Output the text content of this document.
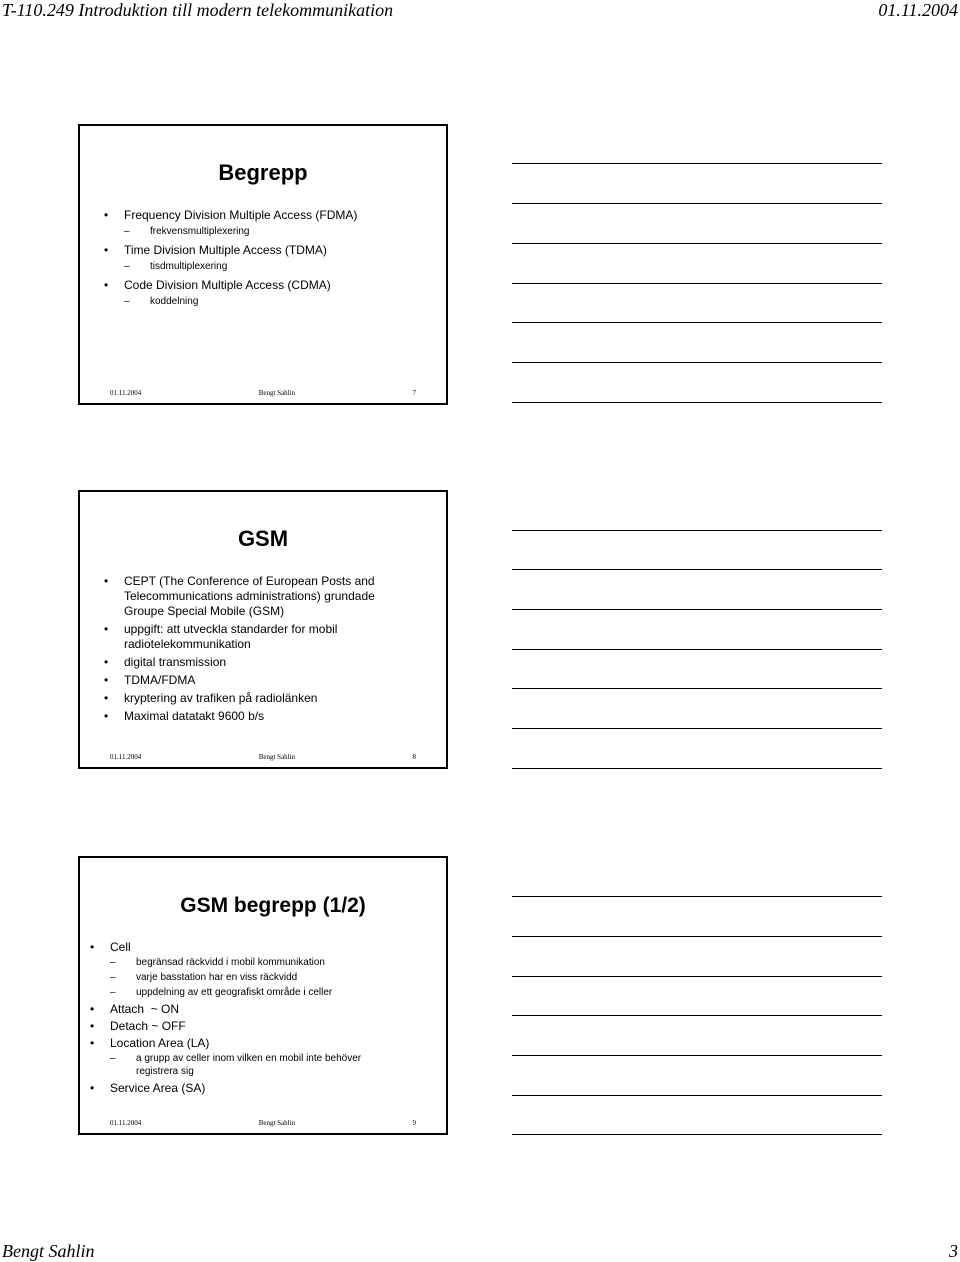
T-110.249 Introduktion till modern telekommunikation	01.11.2004
Begrepp
• Frequency Division Multiple Access (FDMA)
– frekvensmultiplexering
• Time Division Multiple Access (TDMA)
– tisdmultiplexering
• Code Division Multiple Access (CDMA)
– koddelning
01.11.2004	Bengt Sahlin	7
GSM
• CEPT (The Conference of European Posts and Telecommunications administrations) grundade Groupe Special Mobile (GSM)
• uppgift: att utveckla standarder for mobil radiotelekommunikation
• digital transmission
• TDMA/FDMA
• kryptering av trafiken på radiolänken
• Maximal datatakt 9600 b/s
01.11.2004	Bengt Sahlin	8
GSM begrepp (1/2)
• Cell
– begränsad räckvidd i mobil kommunikation
– varje basstation har en viss räckvidd
– uppdelning av ett geografiskt område i celler
• Attach  ~ ON
• Detach ~ OFF
• Location Area (LA)
– a grupp av celler inom vilken en mobil inte behöver registrera sig
• Service Area (SA)
01.11.2004	Bengt Sahlin	9
Bengt Sahlin	3
